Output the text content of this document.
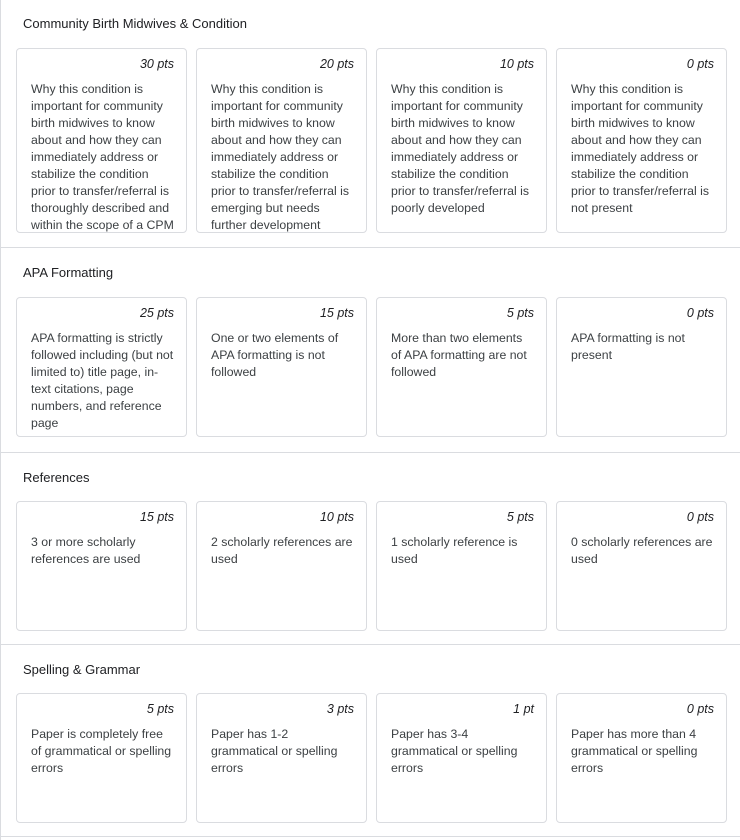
Community Birth Midwives & Condition
30 pts
Why this condition is important for community birth midwives to know about and how they can immediately address or stabilize the condition prior to transfer/referral is thoroughly described and within the scope of a CPM
20 pts
Why this condition is important for community birth midwives to know about and how they can immediately address or stabilize the condition prior to transfer/referral is emerging but needs further development
10 pts
Why this condition is important for community birth midwives to know about and how they can immediately address or stabilize the condition prior to transfer/referral is poorly developed
0 pts
Why this condition is important for community birth midwives to know about and how they can immediately address or stabilize the condition prior to transfer/referral is not present
APA Formatting
25 pts
APA formatting is strictly followed including (but not limited to) title page, in-text citations, page numbers, and reference page
15 pts
One or two elements of APA formatting is not followed
5 pts
More than two elements of APA formatting are not followed
0 pts
APA formatting is not present
References
15 pts
3 or more scholarly references are used
10 pts
2 scholarly references are used
5 pts
1 scholarly reference is used
0 pts
0 scholarly references are used
Spelling & Grammar
5 pts
Paper is completely free of grammatical or spelling errors
3 pts
Paper has 1-2 grammatical or spelling errors
1 pt
Paper has 3-4 grammatical or spelling errors
0 pts
Paper has more than 4 grammatical or spelling errors
